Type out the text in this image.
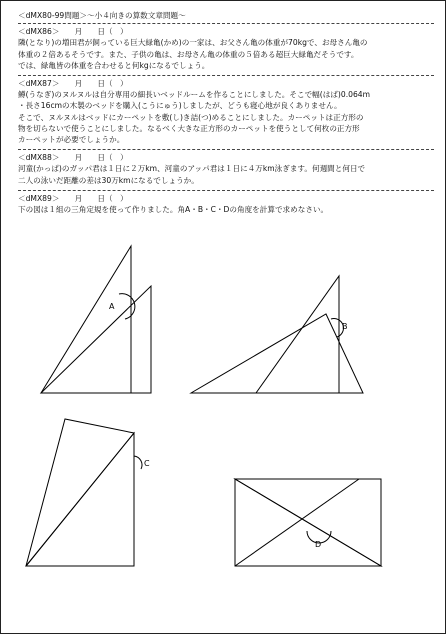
＜dMX80-99問題＞～小４向きの算数文章問題～
＜dMX86＞　　月　　日（　）
隣(となり)の増田君が飼っている巨大緑亀(かめ)の一家は、お父さん亀の体重が70kgで、お母さん亀の
体重の２倍あるそうです。また、子供の亀は、お母さん亀の体重の５倍ある超巨大緑亀だそうです。
では、緑亀皆の体重を合わせると何kgになるでしょう。
＜dMX87＞　　月　　日（　）
鱒(うなぎ)のヌルヌルは自分専用の細長いベッドルームを作ることにしました。そこで幅(はば)0.064m
・長さ16cmの木製のベッドを購入(こうにゅう)しましたが、どうも寝心地が良くありません。
そこで、ヌルヌルはベッドにカーペットを敷(し)き詰(つ)めることにしました。カーペットは正方形の
物を切らないで使うことにしました。なるべく大きな正方形のカーペットを使うとして何枚の正方形
カーペットが必要でしょうか。
＜dMX88＞　　月　　日（　）
河童(かっぱ)のガッパ君は１日に２万km、河童のアッパ君は１日に４万km泳ぎます。何週間と何日で
二人の泳いだ距離の差は30万kmになるでしょうか。
＜dMX89＞　　月　　日（　）
下の図は１組の三角定規を使って作りました。角A・B・C・Dの角度を計算で求めなさい。
A
B
C
D
